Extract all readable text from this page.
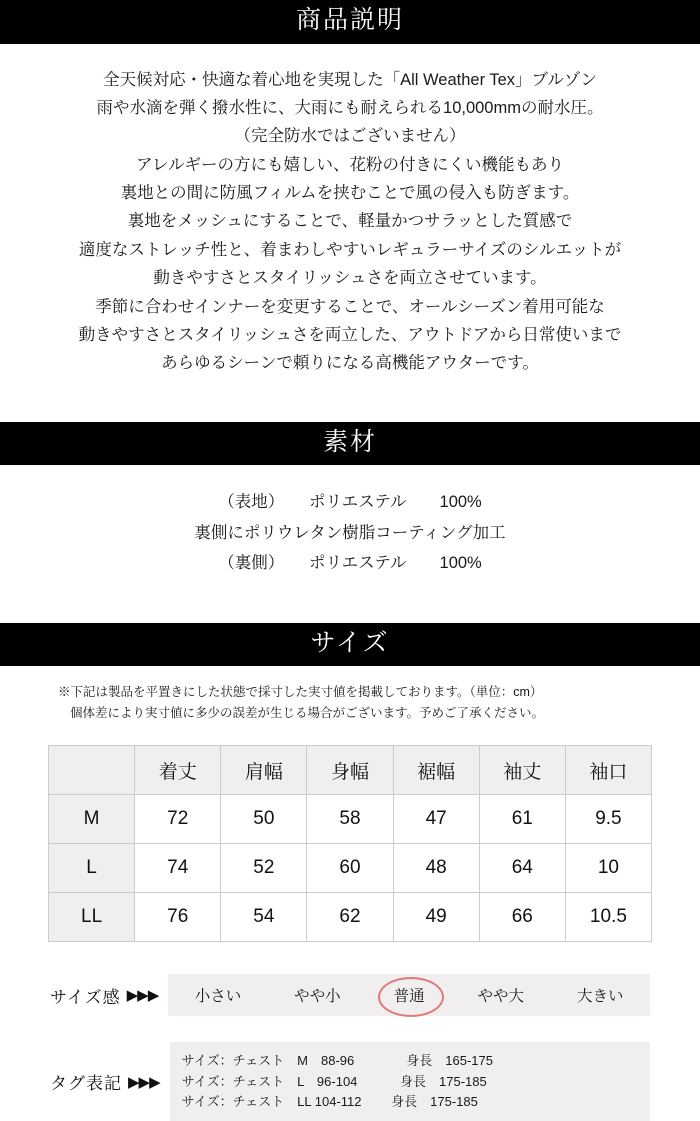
商品説明
全天候対応・快適な着心地を実現した「All Weather Tex」ブルゾン
雨や水滴を弾く撥水性に、大雨にも耐えられる10,000mmの耐水圧。
（完全防水ではございません）
アレルギーの方にも嬉しい、花粉の付きにくい機能もあり
裏地との間に防風フィルムを挟むことで風の侵入も防ぎます。
裏地をメッシュにすることで、軽量かつサラッとした質感で
適度なストレッチ性と、着まわしやすいレギュラーサイズのシルエットが
動きやすさとスタイリッシュさを両立させています。
季節に合わせインナーを変更することで、オールシーズン着用可能な
動きやすさとスタイリッシュさを両立した、アウトドアから日常使いまで
あらゆるシーンで頼りになる高機能アウターです。
素材
（表地）　　ポリエステル　　100%
裏側にポリウレタン樹脂コーティング加工
（裏側）　　ポリエステル　　100%
サイズ
※下記は製品を平置きにした状態で採寸した実寸値を掲載しております。（単位：cm）
個体差により実寸値に多少の誤差が生じる場合がございます。予めご了承ください。
	着丈	肩幅	身幅	裾幅	袖丈	袖口
M	72	50	58	47	61	9.5
L	74	52	60	48	64	10
LL	76	54	62	49	66	10.5
サイズ感 ▶▶▶ 小さい	やや小	普通	やや大	大きい
タグ表記 ▶▶▶
サイズ：チェスト　M　88-96　　　　身長　165-175
サイズ：チェスト　L　96-104　　　 身長　175-185
サイズ：チェスト　LL 104-112　　 身長　175-185
